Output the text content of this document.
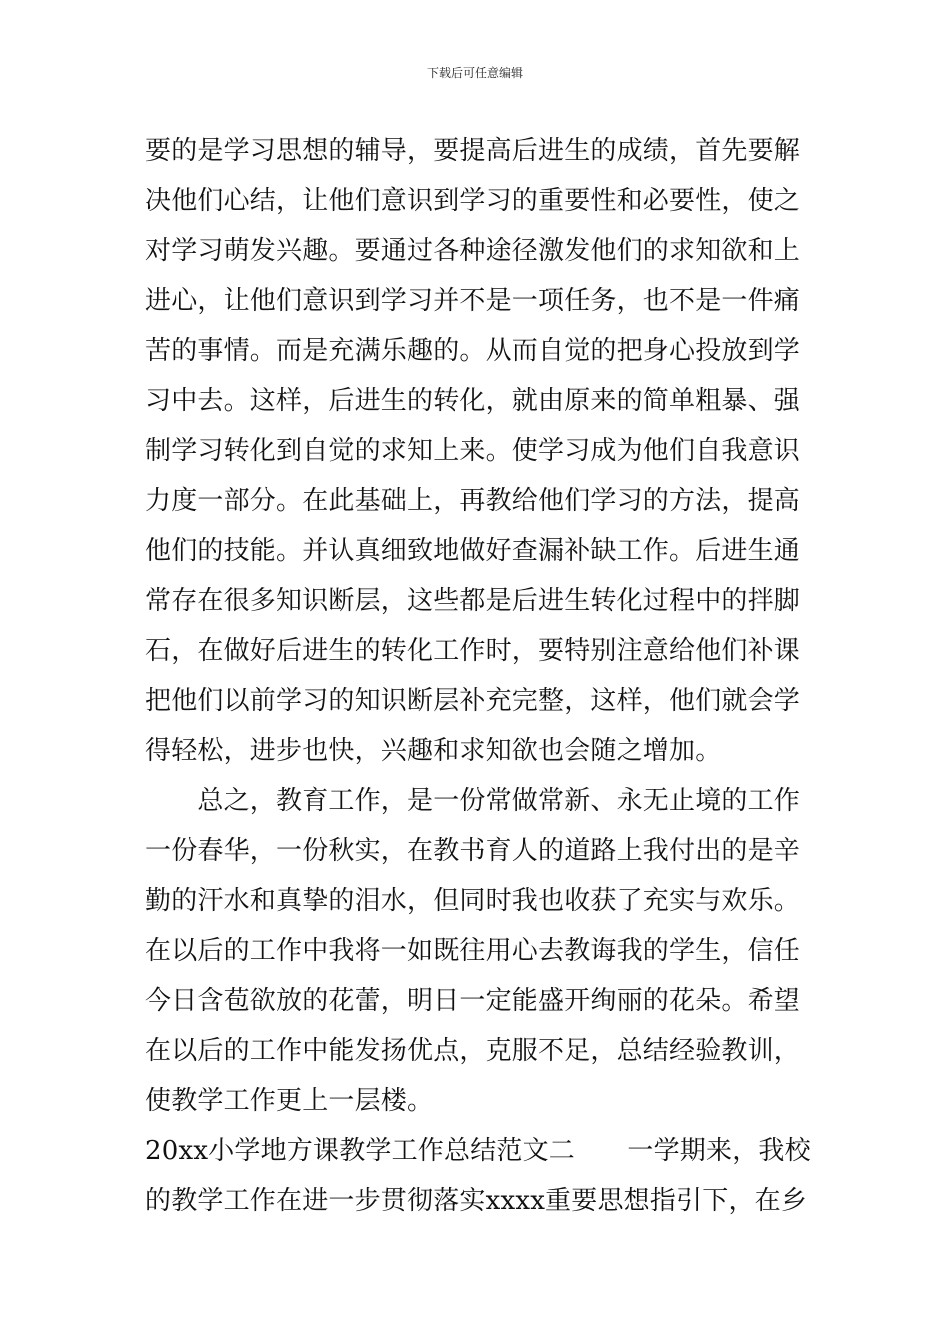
下载后可任意编辑
要的是学习思想的辅导，要提高后进生的成绩，首先要解
决他们心结，让他们意识到学习的重要性和必要性，使之
对学习萌发兴趣。要通过各种途径激发他们的求知欲和上
进心，让他们意识到学习并不是一项任务，也不是一件痛
苦的事情。而是充满乐趣的。从而自觉的把身心投放到学
习中去。这样，后进生的转化，就由原来的简单粗暴、强
制学习转化到自觉的求知上来。使学习成为他们自我意识
力度一部分。在此基础上，再教给他们学习的方法，提高
他们的技能。并认真细致地做好查漏补缺工作。后进生通
常存在很多知识断层，这些都是后进生转化过程中的拌脚
石，在做好后进生的转化工作时，要特别注意给他们补课
把他们以前学习的知识断层补充完整，这样，他们就会学
得轻松，进步也快，兴趣和求知欲也会随之增加。
　　总之，教育工作，是一份常做常新、永无止境的工作
一份春华，一份秋实，在教书育人的道路上我付出的是辛
勤的汗水和真挚的泪水，但同时我也收获了充实与欢乐。
在以后的工作中我将一如既往用心去教诲我的学生，信任
今日含苞欲放的花蕾，明日一定能盛开绚丽的花朵。希望
在以后的工作中能发扬优点，克服不足，总结经验教训，
使教学工作更上一层楼。
20xx小学地方课教学工作总结范文二　　一学期来，我校
的教学工作在进一步贯彻落实xxxx重要思想指引下，在乡
